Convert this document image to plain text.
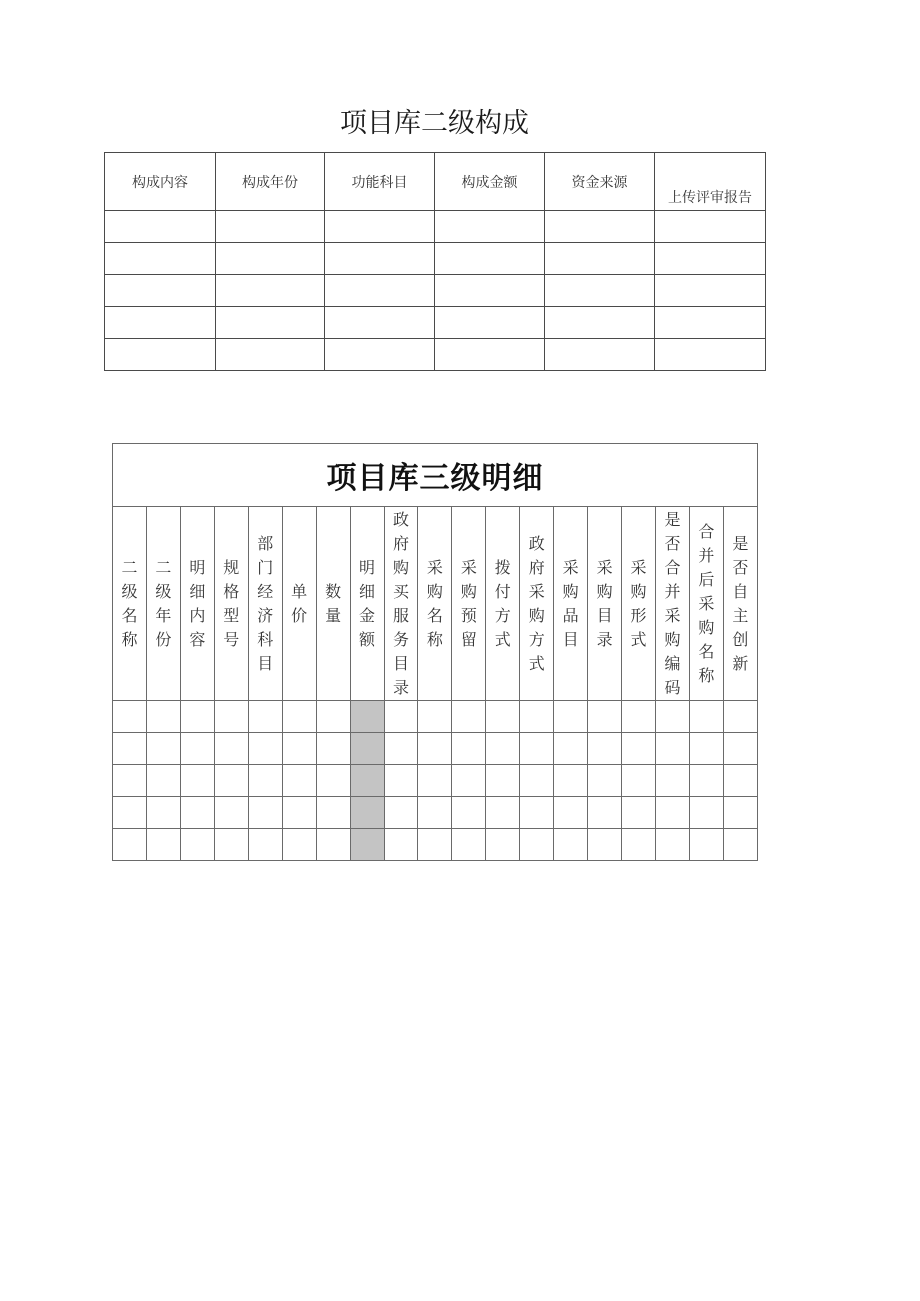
项目库二级构成
构成内容	构成年份	功能科目	构成金额	资金来源	上传评审报告

项目库三级明细																		
二级名称	二级年份	明细内容	规格型号	部门经济科目	单价	数量	明细金额	政府购买服务目录	采购名称	采购预留	拨付方式	政府采购方式	采购品目	采购目录	采购形式	是否合并采购编码	合并后采购名称	是否自主创新
